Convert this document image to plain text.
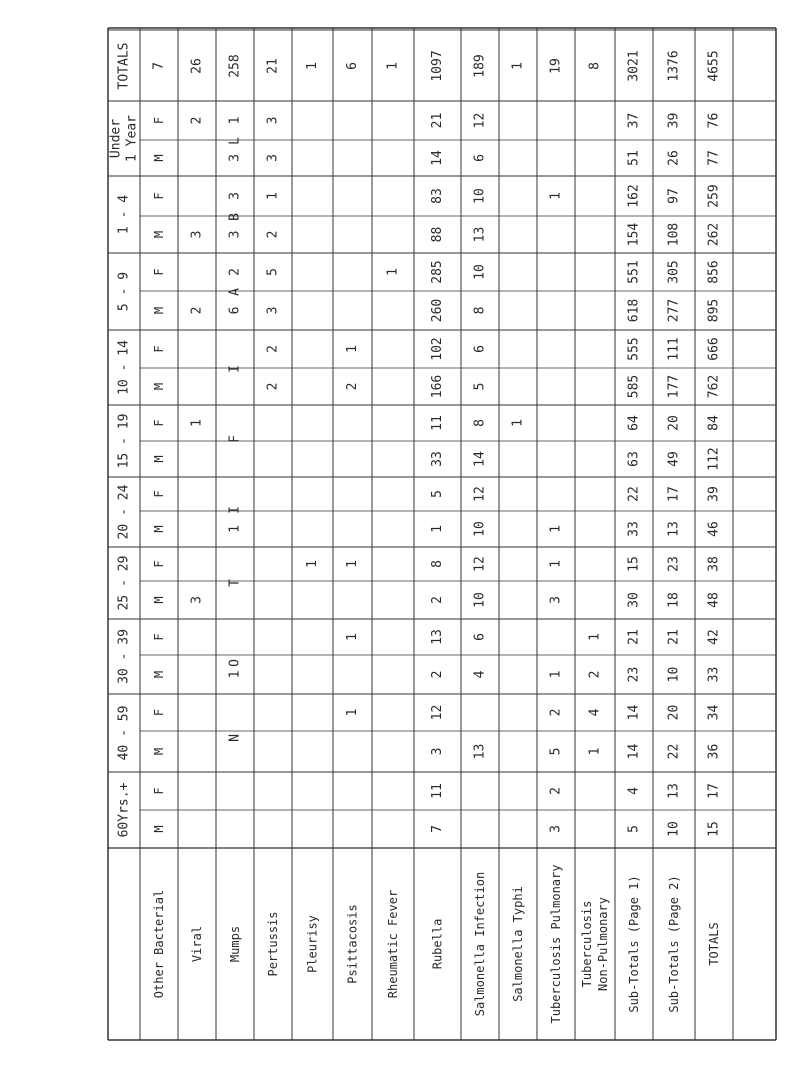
TOTALS
Under 1 Year
1 - 4
5 - 9
10 - 14
15 - 19
20 - 24
25 - 29
30 - 39
40 - 59
60Yrs.+
M
F
M
F
M
F
M
F
M
F
M
F
M
F
M
F
M
F
M
F
Other Bacterial
7
Viral
26
2
3
2
1
3
Mumps
258
3
1
3
3
6
2
1
1
Pertussis
21
3
3
2
1
3
5
2
2
Pleurisy
1
1
Psittacosis
6
2
1
1
1
1
Rheumatic Fever
1
1
Rubella
1097
14
21
88
83
260
285
166
102
33
11
1
5
2
8
2
13
3
12
7
11
Salmonella Infection
189
6
12
13
10
8
10
5
6
14
8
10
12
10
12
4
6
13
Salmonella Typhi
1
1
Tuberculosis Pulmonary
19
1
1
3
1
1
5
2
3
2
Tuberculosis Non-Pulmonary
8
2
1
1
4
Sub-Totals (Page 1)
3021
51
37
154
162
618
551
585
555
63
64
33
22
30
15
23
21
14
14
5
4
Sub-Totals (Page 2)
1376
26
39
108
97
277
305
177
111
49
20
13
17
18
23
10
21
22
20
10
13
TOTALS
4655
77
76
262
259
895
856
762
666
112
84
46
39
48
38
33
42
36
34
15
17
N
O
T
I
F
I
A
B
L
